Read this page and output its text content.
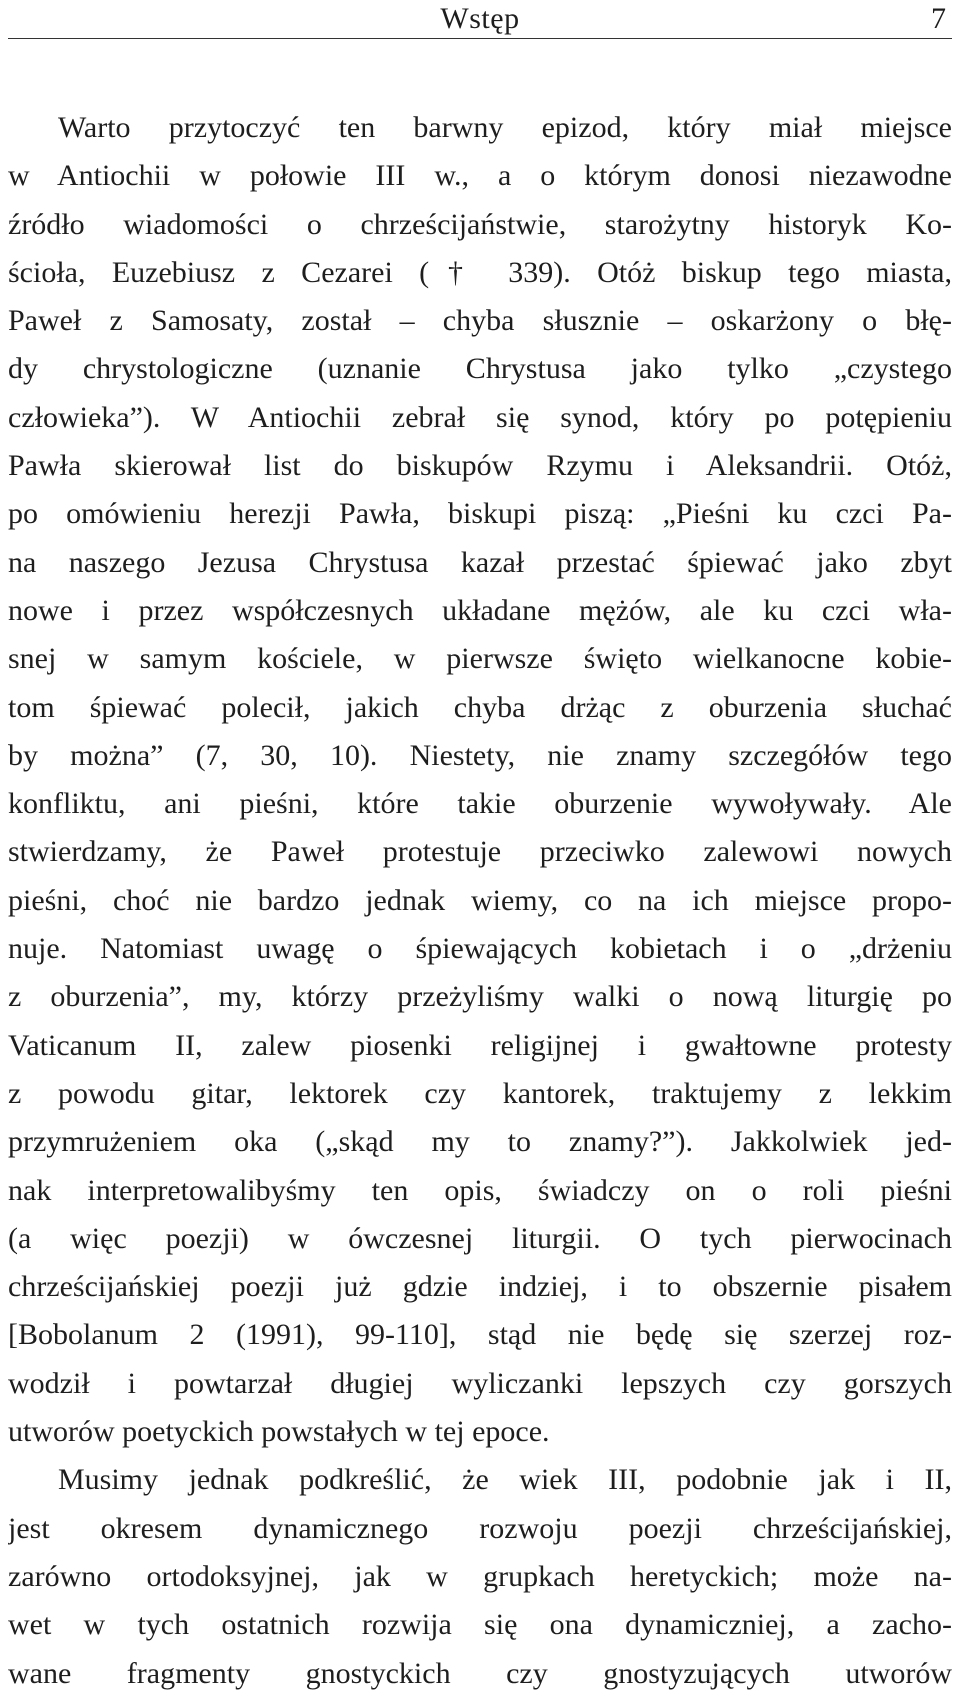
Wstęp	7
Warto przytoczyć ten barwny epizod, który miał miejsce
w Antiochii w połowie III w., a o którym donosi niezawodne
źródło wiadomości o chrześcijaństwie, starożytny historyk Ko-
ścioła, Euzebiusz z Cezarei († 339). Otóż biskup tego miasta,
Paweł z Samosaty, został – chyba słusznie – oskarżony o błę-
dy chrystologiczne (uznanie Chrystusa jako tylko „czystego
człowieka”). W Antiochii zebrał się synod, który po potępieniu
Pawła skierował list do biskupów Rzymu i Aleksandrii. Otóż,
po omówieniu herezji Pawła, biskupi piszą: „Pieśni ku czci Pa-
na naszego Jezusa Chrystusa kazał przestać śpiewać jako zbyt
nowe i przez współczesnych układane mężów, ale ku czci wła-
snej w samym kościele, w pierwsze święto wielkanocne kobie-
tom śpiewać polecił, jakich chyba drżąc z oburzenia słuchać
by można” (7, 30, 10). Niestety, nie znamy szczegółów tego
konfliktu, ani pieśni, które takie oburzenie wywoływały. Ale
stwierdzamy, że Paweł protestuje przeciwko zalewowi nowych
pieśni, choć nie bardzo jednak wiemy, co na ich miejsce propo-
nuje. Natomiast uwagę o śpiewających kobietach i o „drżeniu
z oburzenia”, my, którzy przeżyliśmy walki o nową liturgię po
Vaticanum II, zalew piosenki religijnej i gwałtowne protesty
z powodu gitar, lektorek czy kantorek, traktujemy z lekkim
przymrużeniem oka („skąd my to znamy?”). Jakkolwiek jed-
nak interpretowalibyśmy ten opis, świadczy on o roli pieśni
(a więc poezji) w ówczesnej liturgii. O tych pierwocinach
chrześcijańskiej poezji już gdzie indziej, i to obszernie pisałem
[Bobolanum 2 (1991), 99-110], stąd nie będę się szerzej roz-
wodził i powtarzał długiej wyliczanki lepszych czy gorszych
utworów poetyckich powstałych w tej epoce.
Musimy jednak podkreślić, że wiek III, podobnie jak i II,
jest okresem dynamicznego rozwoju poezji chrześcijańskiej,
zarówno ortodoksyjnej, jak w grupkach heretyckich; może na-
wet w tych ostatnich rozwija się ona dynamiczniej, a zacho-
wane fragmenty gnostyckich czy gnostyzujących utworów
